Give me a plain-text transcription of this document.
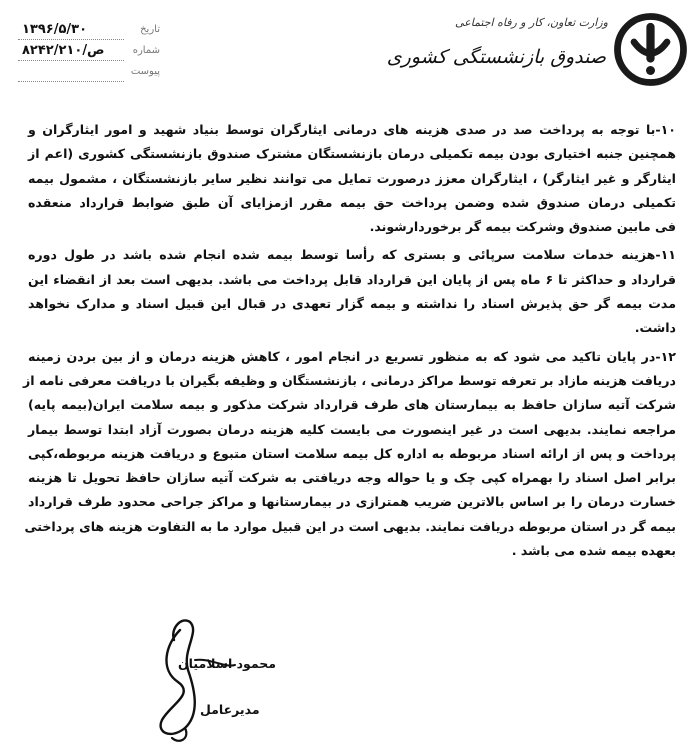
۱۳۹۶/۵/۳۰	تاریخ
۸۲۴۲/ص/۲۱۰	شماره
پیوست
وزارت تعاون، کار و رفاه اجتماعی
صندوق بازنشستگی کشوری
۱۰-با توجه به پرداخت صد در صدی هزینه های درمانی ایثارگران توسط بنیاد شهید و امور ایثارگران و
همچنین جنبه اختیاری بودن بیمه تکمیلی درمان بازنشستگان مشترک صندوق بازنشستگی کشوری (اعم از
ایثارگر و غیر ایثارگر) ، ایثارگران معزز درصورت تمایل می توانند نظیر سایر بازنشستگان ، مشمول بیمه
تکمیلی درمان صندوق شده وضمن پرداخت حق بیمه مقرر ازمزایای آن طبق ضوابط قرارداد منعقده
فی مابین صندوق وشرکت بیمه گر برخوردارشوند.
۱۱-هزینه خدمات سلامت سرپائی و بستری که رأسا توسط بیمه شده انجام شده باشد در طول دوره
قرارداد و حداکثر تا ۶ ماه پس از پایان این قرارداد قابل پرداخت می باشد. بدیهی است بعد از انقضاء این
مدت بیمه گر حق پذیرش اسناد را نداشته و بیمه گزار تعهدی در قبال این قبیل اسناد و مدارک نخواهد
داشت.
۱۲-در پایان تاکید می شود که به منظور تسریع در انجام امور ، کاهش هزینه درمان و از بین بردن زمینه
دریافت هزینه مازاد بر تعرفه توسط مراکز درمانی ، بازنشستگان و وظیفه بگیران با دریافت معرفی نامه از
شرکت آتیه سازان حافظ به بیمارستان های طرف قرارداد شرکت مذکور و بیمه سلامت ایران(بیمه پایه)
مراجعه نمایند. بدیهی است در غیر اینصورت می بایست کلیه هزینه درمان بصورت آزاد ابتدا توسط بیمار
پرداخت و پس از ارائه اسناد مربوطه به اداره کل بیمه سلامت استان متبوع و دریافت هزینه مربوطه،کپی
برابر اصل اسناد را بهمراه کپی چک و یا حواله وجه دریافتی به شرکت آتیه سازان حافظ تحویل تا هزینه
خسارت درمان را بر اساس بالاترین ضریب همترازی در بیمارستانها و مراکز جراحی محدود طرف قرارداد
بیمه گر در استان مربوطه دریافت نمایند. بدیهی است در این قبیل موارد ما به التفاوت هزینه های پرداختی
بعهده بیمه شده می باشد .
محمود اسلامیان
مدیرعامل
